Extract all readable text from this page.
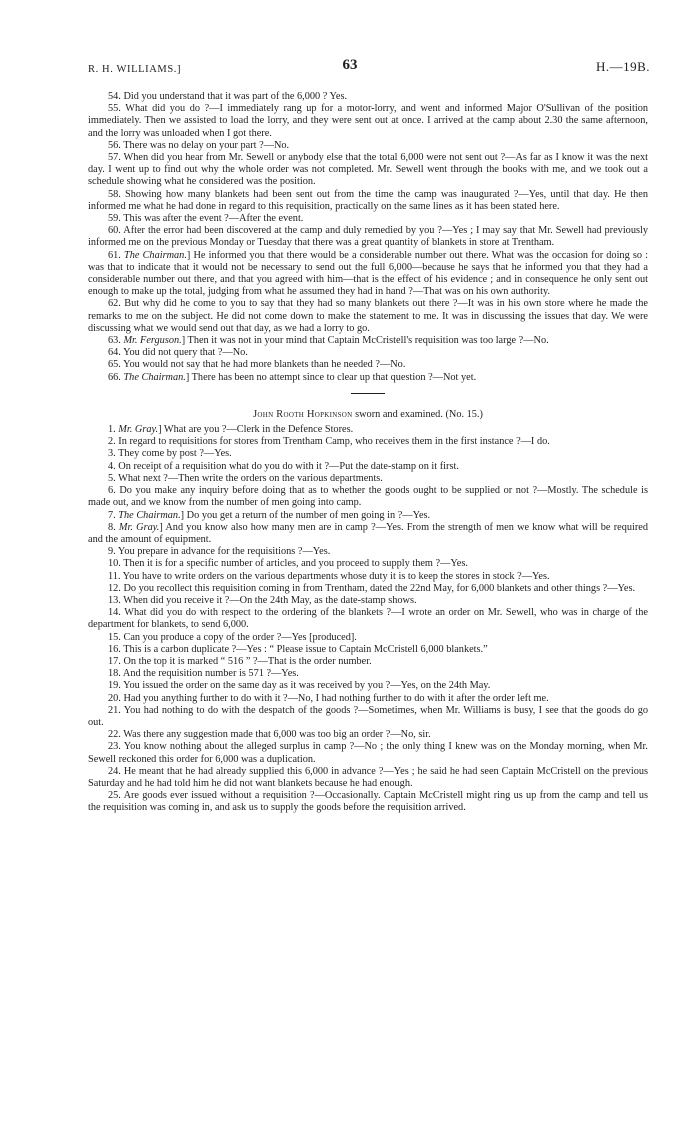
R. H. WILLIAMS.]	63	H.—19B.

54. Did you understand that it was part of the 6,000 ? Yes.

55. What did you do ?—I immediately rang up for a motor-lorry, and went and informed Major O'Sullivan of the position immediately. Then we assisted to load the lorry, and they were sent out at once. I arrived at the camp about 2.30 the same afternoon, and the lorry was unloaded when I got there.

56. There was no delay on your part ?—No.

57. When did you hear from Mr. Sewell or anybody else that the total 6,000 were not sent out ?—As far as I know it was the next day. I went up to find out why the whole order was not completed. Mr. Sewell went through the books with me, and we took out a schedule showing what he considered was the position.

58. Showing how many blankets had been sent out from the time the camp was inaugurated ?—Yes, until that day. He then informed me what he had done in regard to this requisition, practically on the same lines as it has been stated here.

59. This was after the event ?—After the event.

60. After the error had been discovered at the camp and duly remedied by you ?—Yes ; I may say that Mr. Sewell had previously informed me on the previous Monday or Tuesday that there was a great quantity of blankets in store at Trentham.

61. The Chairman.] He informed you that there would be a considerable number out there. What was the occasion for doing so : was that to indicate that it would not be necessary to send out the full 6,000—because he says that he informed you that they had a considerable number out there, and that you agreed with him—that is the effect of his evidence ; and in consequence he only sent out enough to make up the total, judging from what he assumed they had in hand ?—That was on his own authority.

62. But why did he come to you to say that they had so many blankets out there ?—It was in his own store where he made the remarks to me on the subject. He did not come down to make the statement to me. It was in discussing the issues that day. We were discussing what we would send out that day, as we had a lorry to go.

63. Mr. Ferguson.] Then it was not in your mind that Captain McCristell's requisition was too large ?—No.

64. You did not query that ?—No.

65. You would not say that he had more blankets than he needed ?—No.

66. The Chairman.] There has been no attempt since to clear up that question ?—Not yet.

John Rooth Hopkinson sworn and examined. (No. 15.)

1. Mr. Gray.] What are you ?—Clerk in the Defence Stores.

2. In regard to requisitions for stores from Trentham Camp, who receives them in the first instance ?—I do.

3. They come by post ?—Yes.

4. On receipt of a requisition what do you do with it ?—Put the date-stamp on it first.

5. What next ?—Then write the orders on the various departments.

6. Do you make any inquiry before doing that as to whether the goods ought to be supplied or not ?—Mostly. The schedule is made out, and we know from the number of men going into camp.

7. The Chairman.] Do you get a return of the number of men going in ?—Yes.

8. Mr. Gray.] And you know also how many men are in camp ?—Yes. From the strength of men we know what will be required and the amount of equipment.

9. You prepare in advance for the requisitions ?—Yes.

10. Then it is for a specific number of articles, and you proceed to supply them ?—Yes.

11. You have to write orders on the various departments whose duty it is to keep the stores in stock ?—Yes.

12. Do you recollect this requisition coming in from Trentham, dated the 22nd May, for 6,000 blankets and other things ?—Yes.

13. When did you receive it ?—On the 24th May, as the date-stamp shows.

14. What did you do with respect to the ordering of the blankets ?—I wrote an order on Mr. Sewell, who was in charge of the department for blankets, to send 6,000.

15. Can you produce a copy of the order ?—Yes [produced].

16. This is a carbon duplicate ?—Yes : “ Please issue to Captain McCristell 6,000 blankets.”

17. On the top it is marked “ 516 ” ?—That is the order number.

18. And the requisition number is 571 ?—Yes.

19. You issued the order on the same day as it was received by you ?—Yes, on the 24th May.

20. Had you anything further to do with it ?—No, I had nothing further to do with it after the order left me.

21. You had nothing to do with the despatch of the goods ?—Sometimes, when Mr. Williams is busy, I see that the goods do go out.

22. Was there any suggestion made that 6,000 was too big an order ?—No, sir.

23. You know nothing about the alleged surplus in camp ?—No ; the only thing I knew was on the Monday morning, when Mr. Sewell reckoned this order for 6,000 was a duplication.

24. He meant that he had already supplied this 6,000 in advance ?—Yes ; he said he had seen Captain McCristell on the previous Saturday and he had told him he did not want blankets because he had enough.

25. Are goods ever issued without a requisition ?—Occasionally. Captain McCristell might ring us up from the camp and tell us the requisition was coming in, and ask us to supply the goods before the requisition arrived.
